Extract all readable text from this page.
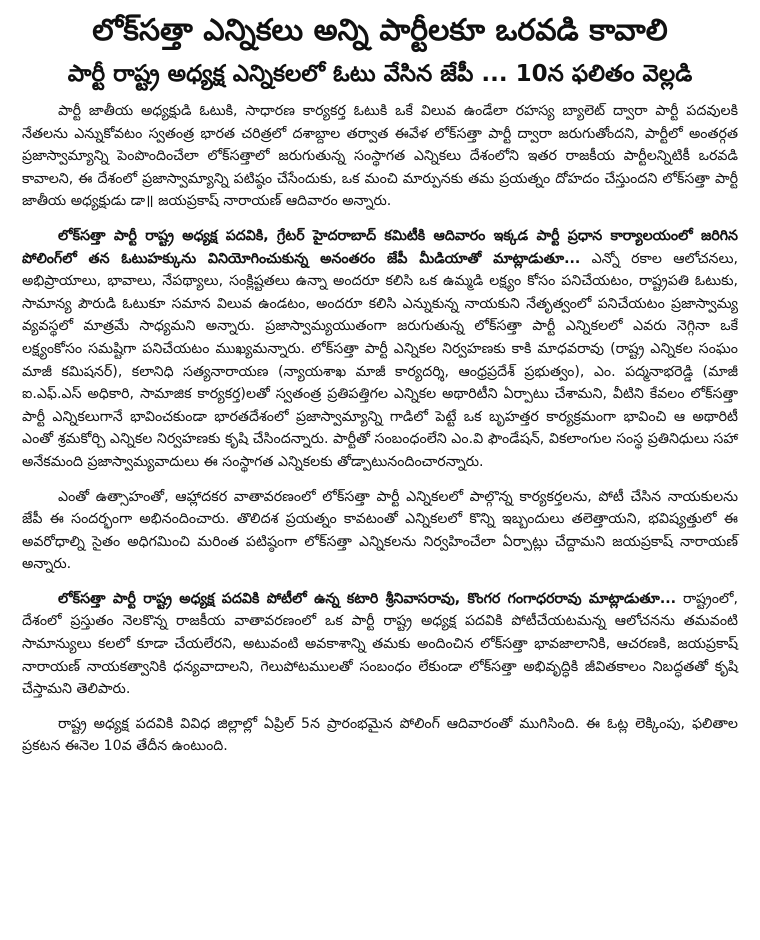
లోక్‌సత్తా ఎన్నికలు అన్ని పార్టీలకూ ఒరవడి కావాలి
పార్టీ రాష్ట్ర అధ్యక్ష ఎన్నికలలో ఓటు వేసిన జేపీ ... 10న ఫలితం వెల్లడి

పార్టీ జాతీయ అధ్యక్షుడి ఓటుకి, సాధారణ కార్యకర్త ఓటుకి ఒకే విలువ ఉండేలా రహస్య బ్యాలెట్ ద్వారా పార్టీ పదవులకి నేతలను ఎన్నుకోవటం స్వతంత్ర భారత చరిత్రలో దశాబ్దాల తర్వాత ఈవేళ లోక్‌సత్తా పార్టీ ద్వారా జరుగుతోందని, పార్టీలో అంతర్గత ప్రజాస్వామ్యాన్ని పెంపొందించేలా లోక్‌సత్తాలో జరుగుతున్న సంస్థాగత ఎన్నికలు దేశంలోని ఇతర రాజకీయ పార్టీలన్నిటికీ ఒరవడి కావాలని, ఈ దేశంలో ప్రజాస్వామ్యాన్ని పటిష్ఠం చేసేందుకు, ఒక మంచి మార్పునకు తమ ప్రయత్నం దోహదం చేస్తుందని లోక్‌సత్తా పార్టీ జాతీయ అధ్యక్షుడు డా॥ జయప్రకాష్ నారాయణ్ ఆదివారం అన్నారు.

లోక్‌సత్తా పార్టీ రాష్ట్ర అధ్యక్ష పదవికి, గ్రేటర్ హైదరాబాద్ కమిటీకి ఆదివారం ఇక్కడ పార్టీ ప్రధాన కార్యాలయంలో జరిగిన పోలింగ్‌లో తన ఓటుహక్కును వినియోగించుకున్న అనంతరం జేపీ మీడియాతో మాట్లాడుతూ... ఎన్నో రకాల ఆలోచనలు, అభిప్రాయాలు, భావాలు, నేపథ్యాలు, సంక్లిష్టతలు ఉన్నా అందరూ కలిసి ఒక ఉమ్మడి లక్ష్యం కోసం పనిచేయటం, రాష్ట్రపతి ఓటుకు, సామాన్య పౌరుడి ఓటుకూ సమాన విలువ ఉండటం, అందరూ కలిసి ఎన్నుకున్న నాయకుని నేతృత్వంలో పనిచేయటం ప్రజాస్వామ్య వ్యవస్థలో మాత్రమే సాధ్యమని అన్నారు. ప్రజాస్వామ్యయుతంగా జరుగుతున్న లోక్‌సత్తా పార్టీ ఎన్నికలలో ఎవరు నెగ్గినా ఒకే లక్ష్యంకోసం సమష్టిగా పనిచేయటం ముఖ్యమన్నారు. లోక్‌సత్తా పార్టీ ఎన్నికల నిర్వహణకు కాకి మాధవరావు (రాష్ట్ర ఎన్నికల సంఘం మాజీ కమిషనర్), కలానిధి సత్యనారాయణ (న్యాయశాఖ మాజీ కార్యదర్శి, ఆంధ్రప్రదేశ్ ప్రభుత్వం), ఎం. పద్మనాభరెడ్డి (మాజీ ఐ.ఎఫ్.ఎస్ అధికారి, సామాజిక కార్యకర్త)లతో స్వతంత్ర ప్రతిపత్తిగల ఎన్నికల అథారిటీని ఏర్పాటు చేశామని, వీటిని కేవలం లోక్‌సత్తా పార్టీ ఎన్నికలుగానే భావించకుండా భారతదేశంలో ప్రజాస్వామ్యాన్ని గాడిలో పెట్టే ఒక బృహత్తర కార్యక్రమంగా భావించి ఆ అథారిటీ ఎంతో శ్రమకోర్చి ఎన్నికల నిర్వహణకు కృషి చేసిందన్నారు. పార్టీతో సంబంధంలేని ఎం.వి ఫౌండేషన్, వికలాంగుల సంస్థ ప్రతినిధులు సహా అనేకమంది ప్రజాస్వామ్యవాదులు ఈ సంస్థాగత ఎన్నికలకు తోడ్పాటునందించారన్నారు.

ఎంతో ఉత్సాహంతో, ఆహ్లాదకర వాతావరణంలో లోక్‌సత్తా పార్టీ ఎన్నికలలో పాల్గొన్న కార్యకర్తలను, పోటీ చేసిన నాయకులను జేపీ ఈ సందర్భంగా అభినందించారు. తొలిదశ ప్రయత్నం కావటంతో ఎన్నికలలో కొన్ని ఇబ్బందులు తలెత్తాయని, భవిష్యత్తులో ఈ అవరోధాల్ని సైతం అధిగమించి మరింత పటిష్ఠంగా లోక్‌సత్తా ఎన్నికలను నిర్వహించేలా ఏర్పాట్లు చేద్దామని జయప్రకాష్ నారాయణ్ అన్నారు.

లోక్‌సత్తా పార్టీ రాష్ట్ర అధ్యక్ష పదవికి పోటీలో ఉన్న కటారి శ్రీనివాసరావు, కొంగర గంగాధరరావు మాట్లాడుతూ... రాష్ట్రంలో, దేశంలో ప్రస్తుతం నెలకొన్న రాజకీయ వాతావరణంలో ఒక పార్టీ రాష్ట్ర అధ్యక్ష పదవికి పోటీచేయటమన్న ఆలోచనను తమవంటి సామాన్యులు కలలో కూడా చేయలేరని, అటువంటి అవకాశాన్ని తమకు అందించిన లోక్‌సత్తా భావజాలానికి, ఆచరణకి, జయప్రకాష్ నారాయణ్ నాయకత్వానికి ధన్యవాదాలని, గెలుపోటములతో సంబంధం లేకుండా లోక్‌సత్తా అభివృద్ధికి జీవితకాలం నిబద్ధతతో కృషి చేస్తామని తెలిపారు.

రాష్ట్ర అధ్యక్ష పదవికి వివిధ జిల్లాల్లో ఏప్రిల్ 5న ప్రారంభమైన పోలింగ్ ఆదివారంతో ముగిసింది. ఈ ఓట్ల లెక్కింపు, ఫలితాల ప్రకటన ఈనెల 10వ తేదీన ఉంటుంది.
